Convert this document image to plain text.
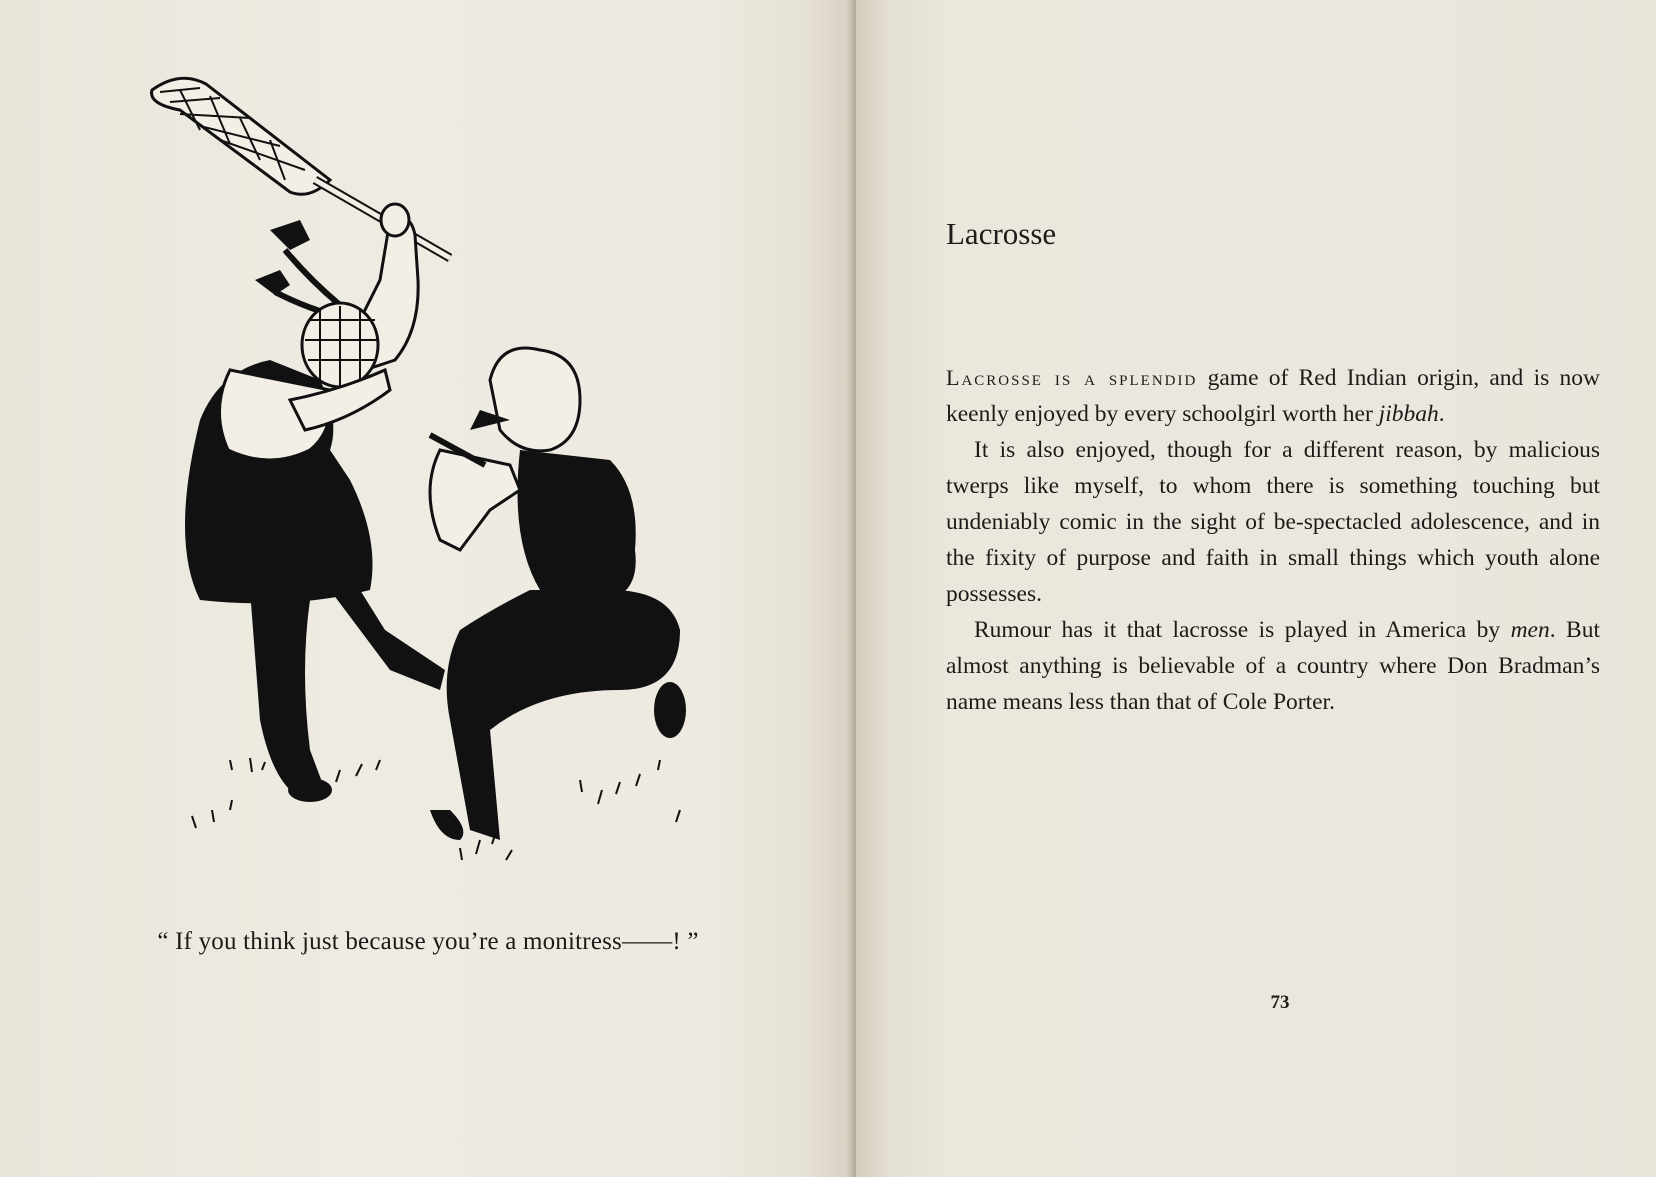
“ If you think just because you’re a monitress——! ”
Lacrosse

Lacrosse is a splendid game of Red Indian origin, and is now keenly enjoyed by every schoolgirl worth her jibbah.

It is also enjoyed, though for a different reason, by malicious twerps like myself, to whom there is something touching but undeniably comic in the sight of be-spectacled adolescence, and in the fixity of purpose and faith in small things which youth alone possesses.

Rumour has it that lacrosse is played in America by men. But almost anything is believable of a country where Don Bradman’s name means less than that of Cole Porter.

73
